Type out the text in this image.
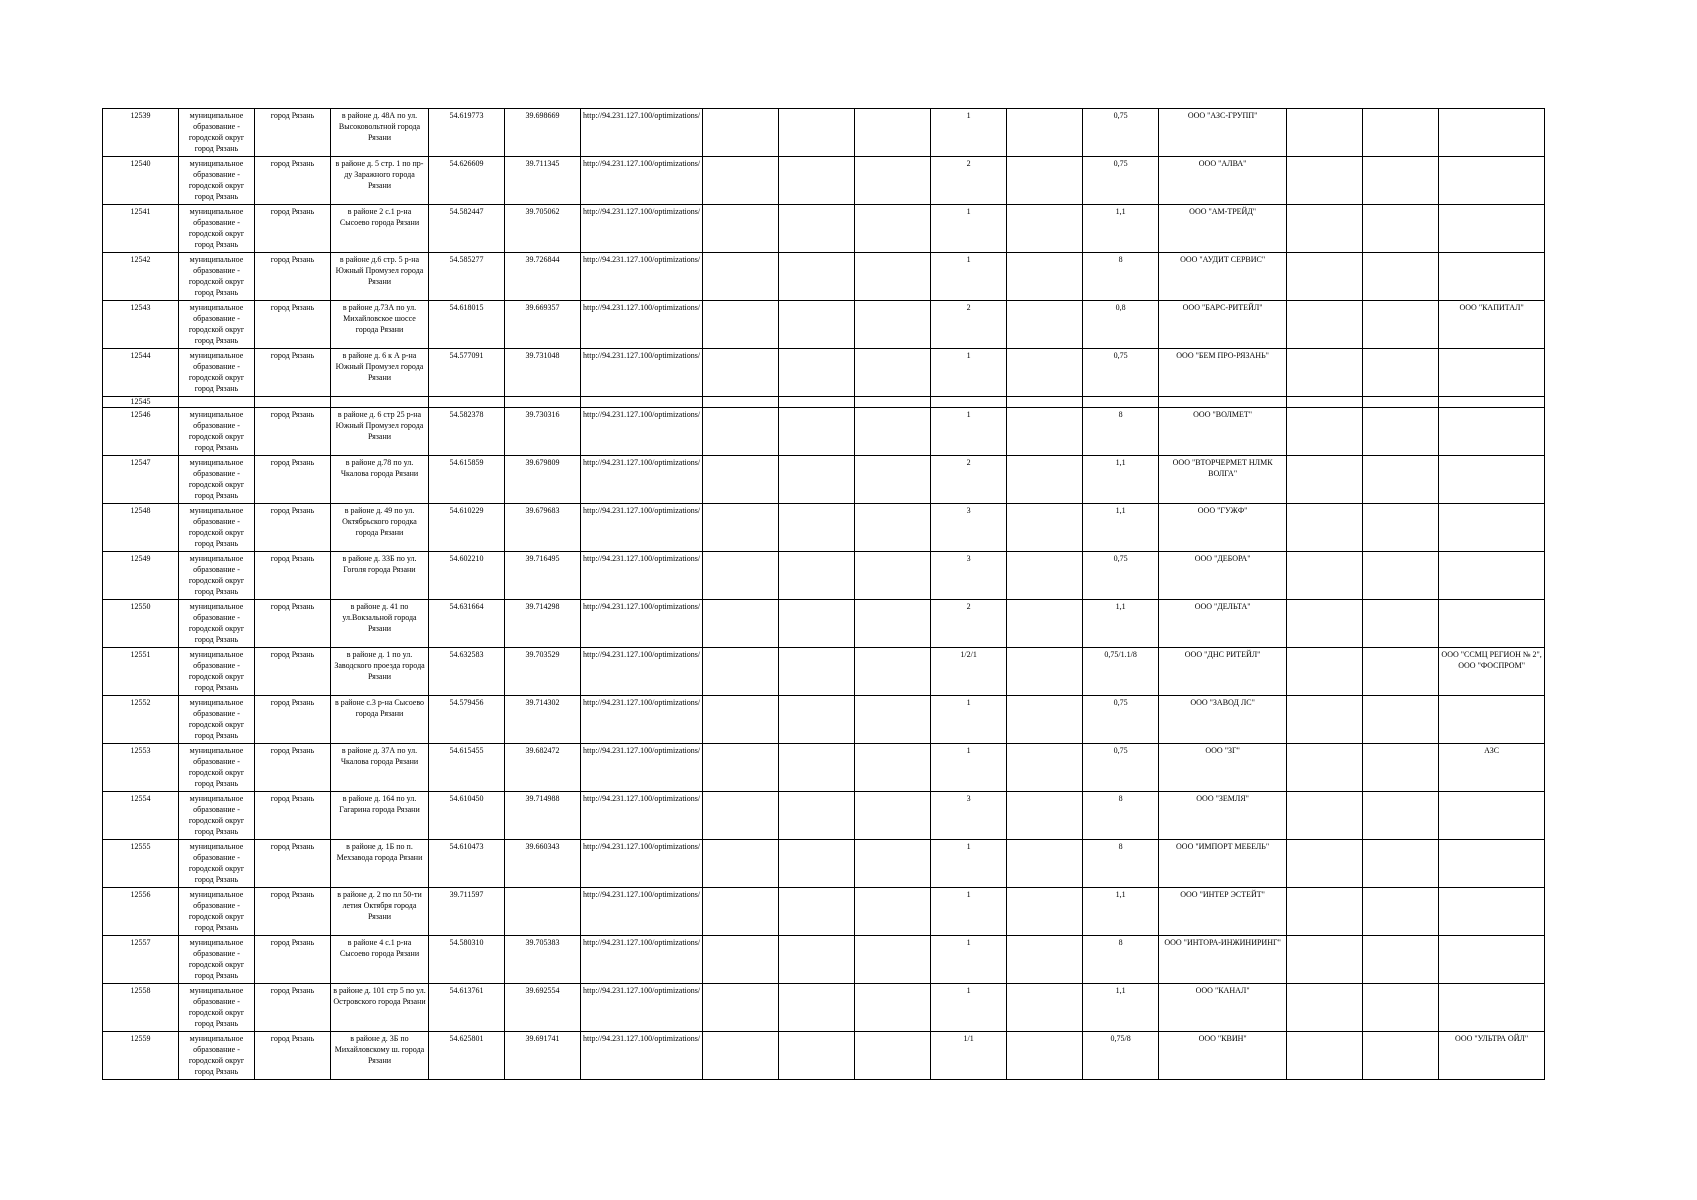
12539	муниципальное образование - городской округ город Рязань	город Рязань	в районе д. 48А по ул. Высоковольтной города Рязани	54.619773	39.698669	http://94.231.127.100/optimizations/				1		0,75	ООО "АЗС-ГРУПП"			
12540	муниципальное образование - городской округ город Рязань	город Рязань	в районе д. 5 стр. 1 по пр-ду Заражного города Рязани	54.626609	39.711345	http://94.231.127.100/optimizations/				2		0,75	ООО "АЛВА"			
12541	муниципальное образование - городской округ город Рязань	город Рязань	в районе 2 с.1 р-на Сысоево города Рязани	54.582447	39.705062	http://94.231.127.100/optimizations/				1		1,1	ООО "АМ-ТРЕЙД"			
12542	муниципальное образование - городской округ город Рязань	город Рязань	в районе д.6 стр. 5 р-на Южный Промузел города Рязани	54.585277	39.726844	http://94.231.127.100/optimizations/				1		8	ООО "АУДИТ СЕРВИС"			
12543	муниципальное образование - городской округ город Рязань	город Рязань	в районе д.73А по ул. Михайловское шоссе города Рязани	54.618015	39.669357	http://94.231.127.100/optimizations/				2		0,8	ООО "БАРС-РИТЕЙЛ"			ООО "КАПИТАЛ"
12544	муниципальное образование - городской округ город Рязань	город Рязань	в районе д. 6 к А р-на Южный Промузел города Рязани	54.577091	39.731048	http://94.231.127.100/optimizations/				1		0,75	ООО "БЕМ ПРО-РЯЗАНЬ"			
12545																
12546	муниципальное образование - городской округ город Рязань	город Рязань	в районе д. 6 стр 25 р-на Южный Промузел города Рязани	54.582378	39.730316	http://94.231.127.100/optimizations/				1		8	ООО "ВОЛМЕТ"			
12547	муниципальное образование - городской округ город Рязань	город Рязань	в районе д.78 по ул. Чкалова города Рязани	54.615859	39.679809	http://94.231.127.100/optimizations/				2		1,1	ООО "ВТОРЧЕРМЕТ НЛМК ВОЛГА"			
12548	муниципальное образование - городской округ город Рязань	город Рязань	в районе д. 49 по ул. Октябрьского городка города Рязани	54.610229	39.679683	http://94.231.127.100/optimizations/				3		1,1	ООО "ГУЖФ"			
12549	муниципальное образование - городской округ город Рязань	город Рязань	в районе д. 33Б по ул. Гоголя города Рязани	54.602210	39.716495	http://94.231.127.100/optimizations/				3		0,75	ООО "ДЕБОРА"			
12550	муниципальное образование - городской округ город Рязань	город Рязань	в районе д. 41 по ул.Вокзальной города Рязани	54.631664	39.714298	http://94.231.127.100/optimizations/				2		1,1	ООО "ДЕЛЬТА"			
12551	муниципальное образование - городской округ город Рязань	город Рязань	в районе д. 1 по ул. Заводского проезда города Рязани	54.632583	39.703529	http://94.231.127.100/optimizations/				1/2/1		0,75/1.1/8	ООО "ДНС РИТЕЙЛ"			ООО "ССМЦ РЕГИОН № 2", ООО "ФОСПРОМ"
12552	муниципальное образование - городской округ город Рязань	город Рязань	в районе с.3 р-на Сысоево города Рязани	54.579456	39.714302	http://94.231.127.100/optimizations/				1		0,75	ООО "ЗАВОД ЛС"			
12553	муниципальное образование - городской округ город Рязань	город Рязань	в районе д. 37А по ул. Чкалова города Рязани	54.615455	39.682472	http://94.231.127.100/optimizations/				1		0,75	ООО "ЗГ"			АЗС
12554	муниципальное образование - городской округ город Рязань	город Рязань	в районе д. 164 по ул. Гагарина города Рязани	54.610450	39.714988	http://94.231.127.100/optimizations/				3		8	ООО "ЗЕМЛЯ"			
12555	муниципальное образование - городской округ город Рязань	город Рязань	в районе д. 1Б по п. Мехзавода города Рязани	54.610473	39.660343	http://94.231.127.100/optimizations/				1		8	ООО "ИМПОРТ МЕБЕЛЬ"			
12556	муниципальное образование - городской округ город Рязань	город Рязань	в районе д. 2 по пл 50-ти летия Октября города Рязани	39.711597		http://94.231.127.100/optimizations/				1		1,1	ООО "ИНТЕР ЭСТЕЙТ"			
12557	муниципальное образование - городской округ город Рязань	город Рязань	в районе 4 с.1 р-на Сысоево города Рязани	54.580310	39.705383	http://94.231.127.100/optimizations/				1		8	ООО "ИНТОРА-ИНЖИНИРИНГ"			
12558	муниципальное образование - городской округ город Рязань	город Рязань	в районе д. 101 стр 5 по ул. Островского города Рязани	54.613761	39.692554	http://94.231.127.100/optimizations/				1		1,1	ООО "КАНАЛ"			
12559	муниципальное образование - городской округ город Рязань	город Рязань	в районе д. 3Б по Михайловскому ш. города Рязани	54.625801	39.691741	http://94.231.127.100/optimizations/				1/1		0,75/8	ООО "КВИН"			ООО "УЛЬТРА ОЙЛ"
